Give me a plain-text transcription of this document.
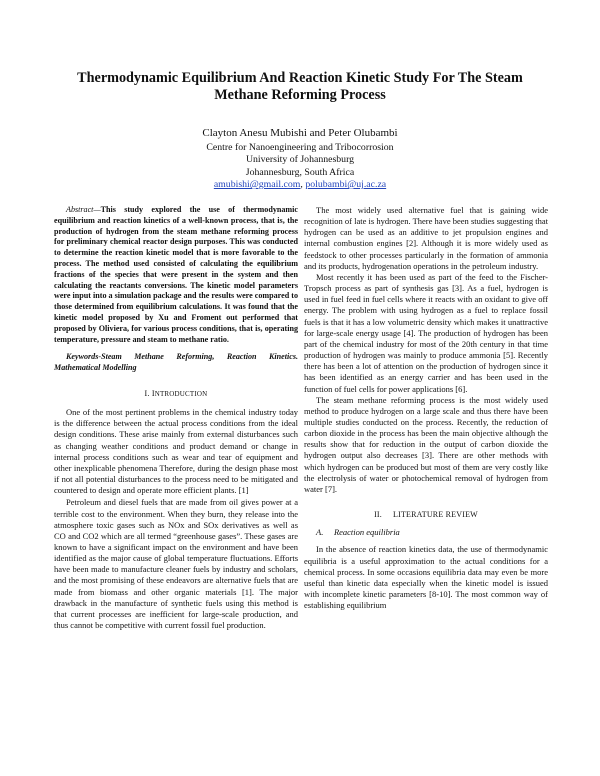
Thermodynamic Equilibrium And Reaction Kinetic Study For The Steam Methane Reforming Process
Clayton Anesu Mubishi and Peter Olubambi
Centre for Nanoengineering and Tribocorrosion
University of Johannesburg
Johannesburg, South Africa
amubishi@gmail.com, polubambi@uj.ac.za

Abstract—This study explored the use of thermodynamic equilibrium and reaction kinetics of a well-known process, that is, the production of hydrogen from the steam methane reforming process for preliminary chemical reactor design purposes. This was conducted to determine the reaction kinetic model that is more favorable to the process. The method used consisted of calculating the equilibrium fractions of the species that were present in the system and then calculating the reactants conversions. The kinetic model parameters were input into a simulation package and the results were compared to those determined from equilibrium calculations. It was found that the kinetic model proposed by Xu and Froment out performed that proposed by Oliviera, for various process conditions, that is, operating temperature, pressure and steam to methane ratio.

Keywords-Steam Methane Reforming, Reaction Kinetics. Mathematical Modelling

I. INTRODUCTION

One of the most pertinent problems in the chemical industry today is the difference between the actual process conditions from the ideal design conditions. These arise mainly from external disturbances such as changing weather conditions and product demand or change in internal process conditions such as wear and tear of equipment and other inexplicable phenomena Therefore, during the design phase most if not all potential disturbances to the process need to be mitigated and countered to design and operate more efficient plants. [1]

Petroleum and diesel fuels that are made from oil gives power at a terrible cost to the environment. When they burn, they release into the atmosphere toxic gases such as NOx and SOx derivatives as well as CO and CO2 which are all termed “greenhouse gases”. These gases are known to have a significant impact on the environment and have been identified as the major cause of global temperature fluctuations. Efforts have been made to manufacture cleaner fuels by industry and scholars, and the most promising of these endeavors are alternative fuels that are made from biomass and other organic materials [1]. The major drawback in the manufacture of synthetic fuels using this method is that current processes are inefficient for large-scale production, and thus cannot be competitive with current fossil fuel production.

The most widely used alternative fuel that is gaining wide recognition of late is hydrogen. There have been studies suggesting that hydrogen can be used as an additive to jet propulsion engines and internal combustion engines [2]. Although it is more widely used as feedstock to other processes particularly in the formation of ammonia and its products, hydrogenation operations in the petroleum industry.

Most recently it has been used as part of the feed to the Fischer-Tropsch process as part of synthesis gas [3]. As a fuel, hydrogen is used in fuel feed in fuel cells where it reacts with an oxidant to give off energy. The problem with using hydrogen as a fuel to replace fossil fuels is that it has a low volumetric density which makes it unattractive for large-scale energy usage [4]. The production of hydrogen has been part of the chemical industry for most of the 20th century in that time production of hydrogen was mainly to produce ammonia [5]. Recently there has been a lot of attention on the production of hydrogen since it has been identified as an energy carrier and has been used in the function of fuel cells for power applications [6].

The steam methane reforming process is the most widely used method to produce hydrogen on a large scale and thus there have been multiple studies conducted on the process. Recently, the reduction of carbon dioxide in the process has been the main objective although the results show that for reduction in the output of carbon dioxide the hydrogen output also decreases [3]. There are other methods with which hydrogen can be produced but most of them are very costly like the electrolysis of water or photochemical removal of hydrogen from water [7].

II.     LITERATURE REVIEW
A.     Reaction equilibria

In the absence of reaction kinetics data, the use of thermodynamic equilibria is a useful approximation to the actual conditions for a chemical process. In some occasions equilibria data may even be more useful than kinetic data especially when the kinetic model is issued with incomplete kinetic parameters [8-10]. The most common way of establishing equilibrium
